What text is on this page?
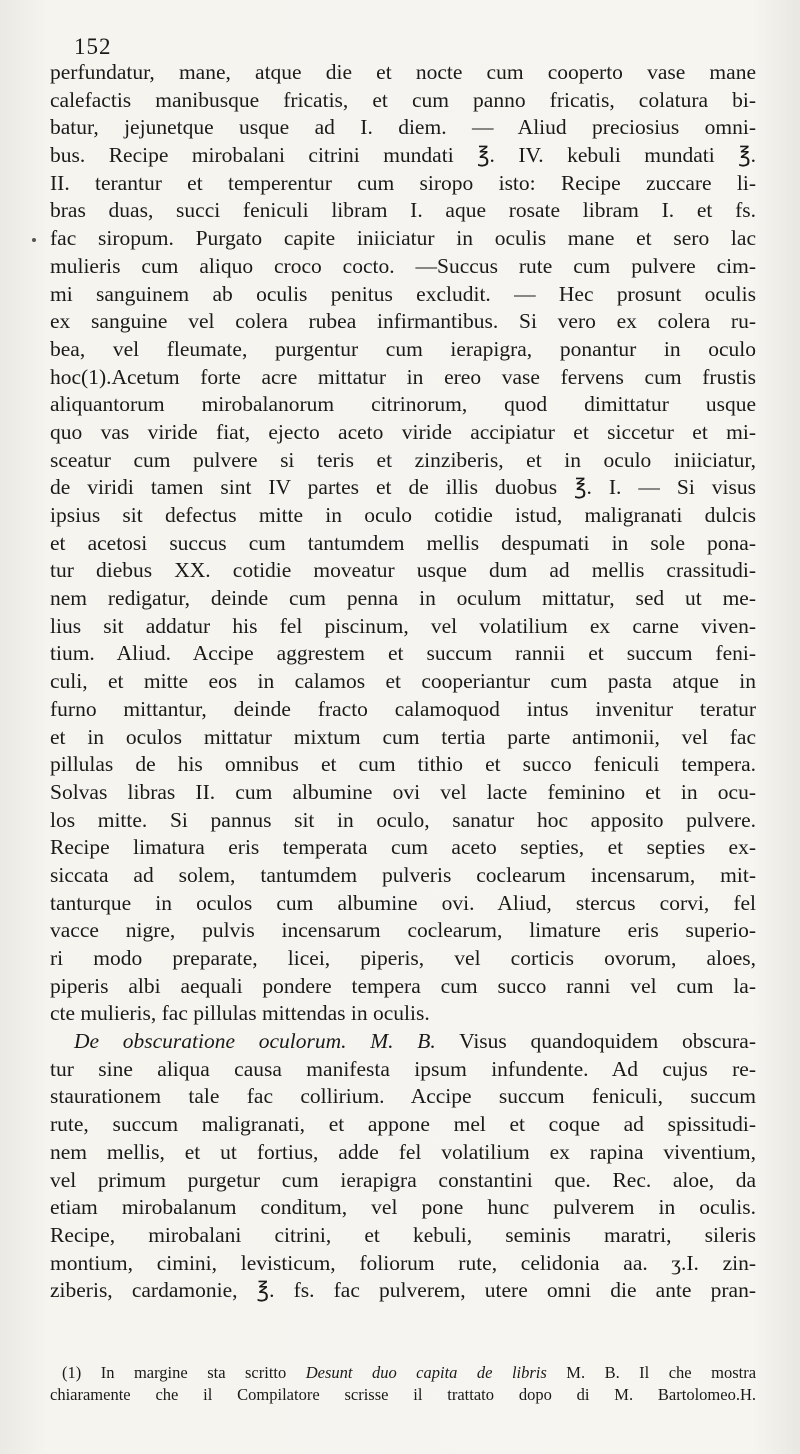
152
perfundatur, mane, atque die et nocte cum cooperto vase mane
calefactis manibusque fricatis, et cum panno fricatis, colatura bi-
batur, jejunetque usque ad I. diem. — Aliud preciosius omni-
bus. Recipe mirobalani citrini mundati ℥. IV. kebuli mundati ℥.
II. terantur et temperentur cum siropo isto: Recipe zuccare li-
bras duas, succi feniculi libram I. aque rosate libram I. et fs.
fac siropum. Purgato capite iniiciatur in oculis mane et sero lac
mulieris cum aliquo croco cocto. —Succus rute cum pulvere cim-
mi sanguinem ab oculis penitus excludit. — Hec prosunt oculis
ex sanguine vel colera rubea infirmantibus. Si vero ex colera ru-
bea, vel fleumate, purgentur cum ierapigra, ponantur in oculo
hoc(1).Acetum forte acre mittatur in ereo vase fervens cum frustis
aliquantorum mirobalanorum citrinorum, quod dimittatur usque
quo vas viride fiat, ejecto aceto viride accipiatur et siccetur et mi-
sceatur cum pulvere si teris et zinziberis, et in oculo iniiciatur,
de viridi tamen sint IV partes et de illis duobus ℥. I. — Si visus
ipsius sit defectus mitte in oculo cotidie istud, maligranati dulcis
et acetosi succus cum tantumdem mellis despumati in sole pona-
tur diebus XX. cotidie moveatur usque dum ad mellis crassitudi-
nem redigatur, deinde cum penna in oculum mittatur, sed ut me-
lius sit addatur his fel piscinum, vel volatilium ex carne viven-
tium. Aliud. Accipe aggrestem et succum rannii et succum feni-
culi, et mitte eos in calamos et cooperiantur cum pasta atque in
furno mittantur, deinde fracto calamoquod intus invenitur teratur
et in oculos mittatur mixtum cum tertia parte antimonii, vel fac
pillulas de his omnibus et cum tithio et succo feniculi tempera.
Solvas libras II. cum albumine ovi vel lacte feminino et in ocu-
los mitte. Si pannus sit in oculo, sanatur hoc apposito pulvere.
Recipe limatura eris temperata cum aceto septies, et septies ex-
siccata ad solem, tantumdem pulveris coclearum incensarum, mit-
tanturque in oculos cum albumine ovi. Aliud, stercus corvi, fel
vacce nigre, pulvis incensarum coclearum, limature eris superio-
ri modo preparate, licei, piperis, vel corticis ovorum, aloes,
piperis albi aequali pondere tempera cum succo ranni vel cum la-
cte mulieris, fac pillulas mittendas in oculis.
De obscuratione oculorum. M. B. Visus quandoquidem obscura-
tur sine aliqua causa manifesta ipsum infundente. Ad cujus re-
staurationem tale fac collirium. Accipe succum feniculi, succum
rute, succum maligranati, et appone mel et coque ad spissitudi-
nem mellis, et ut fortius, adde fel volatilium ex rapina viventium,
vel primum purgetur cum ierapigra constantini que. Rec. aloe, da
etiam mirobalanum conditum, vel pone hunc pulverem in oculis.
Recipe, mirobalani citrini, et kebuli, seminis maratri, sileris
montium, cimini, levisticum, foliorum rute, celidonia aa. ʒ.I. zin-
ziberis, cardamonie, ℥. fs. fac pulverem, utere omni die ante pran-
(1) In margine sta scritto Desunt duo capita de libris M. B. Il che mostra
chiaramente che il Compilatore scrisse il trattato dopo di M. Bartolomeo.H.
